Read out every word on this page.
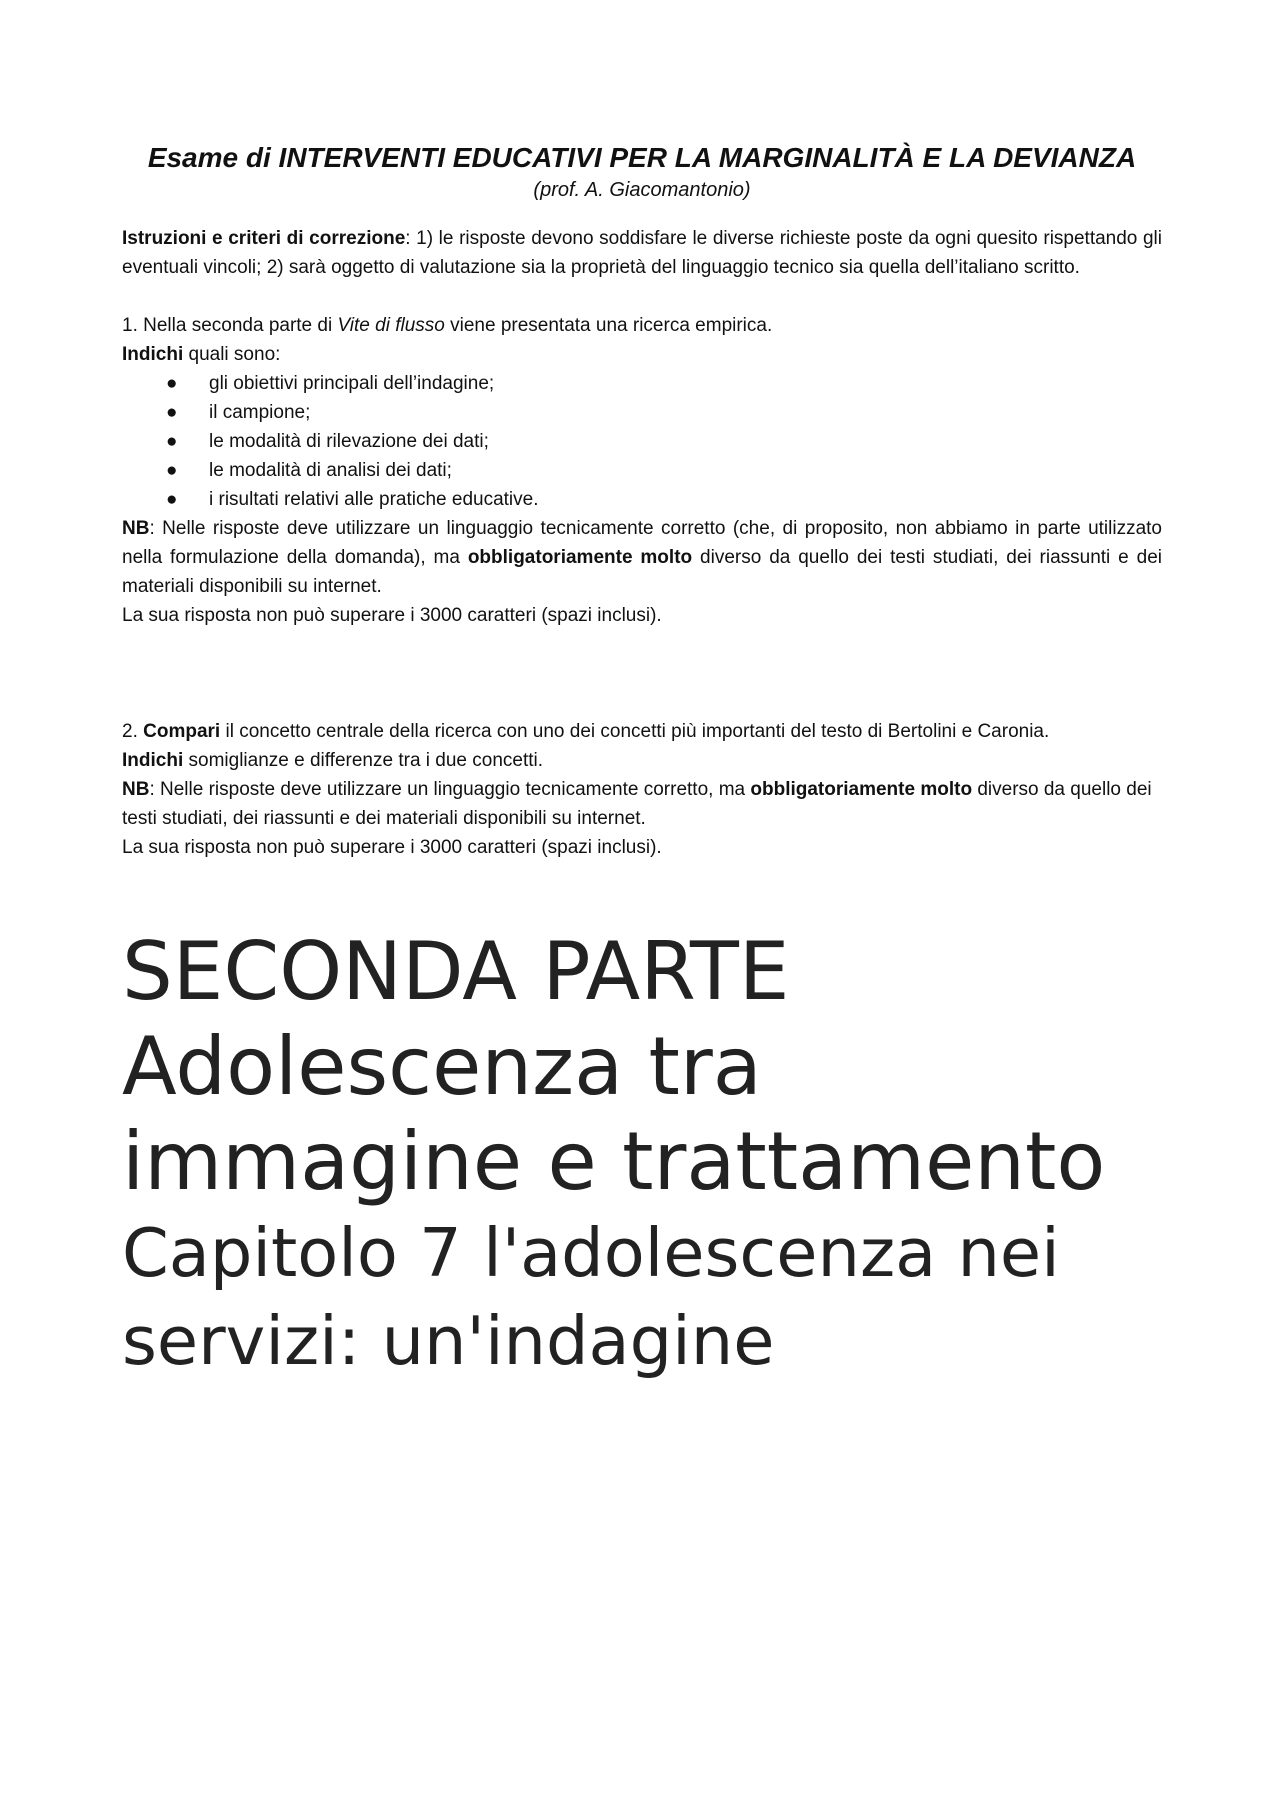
Esame di INTERVENTI EDUCATIVI PER LA MARGINALITÀ E LA DEVIANZA

(prof. A. Giacomantonio)

Istruzioni e criteri di correzione: 1) le risposte devono soddisfare le diverse richieste poste da ogni quesito rispettando gli eventuali vincoli; 2) sarà oggetto di valutazione sia la proprietà del linguaggio tecnico sia quella dell’italiano scritto.

1. Nella seconda parte di Vite di flusso viene presentata una ricerca empirica.

Indichi quali sono:

● gli obiettivi principali dell’indagine;
● il campione;
● le modalità di rilevazione dei dati;
● le modalità di analisi dei dati;
● i risultati relativi alle pratiche educative.

NB: Nelle risposte deve utilizzare un linguaggio tecnicamente corretto (che, di proposito, non abbiamo in parte utilizzato nella formulazione della domanda), ma obbligatoriamente molto diverso da quello dei testi studiati, dei riassunti e dei materiali disponibili su internet.

La sua risposta non può superare i 3000 caratteri (spazi inclusi).

2. Compari il concetto centrale della ricerca con uno dei concetti più importanti del testo di Bertolini e Caronia.

Indichi somiglianze e differenze tra i due concetti.

NB: Nelle risposte deve utilizzare un linguaggio tecnicamente corretto, ma obbligatoriamente molto diverso da quello dei testi studiati, dei riassunti e dei materiali disponibili su internet.

La sua risposta non può superare i 3000 caratteri (spazi inclusi).

SECONDA PARTE
Adolescenza tra immagine e trattamento
Capitolo 7 l'adolescenza nei servizi: un'indagine
